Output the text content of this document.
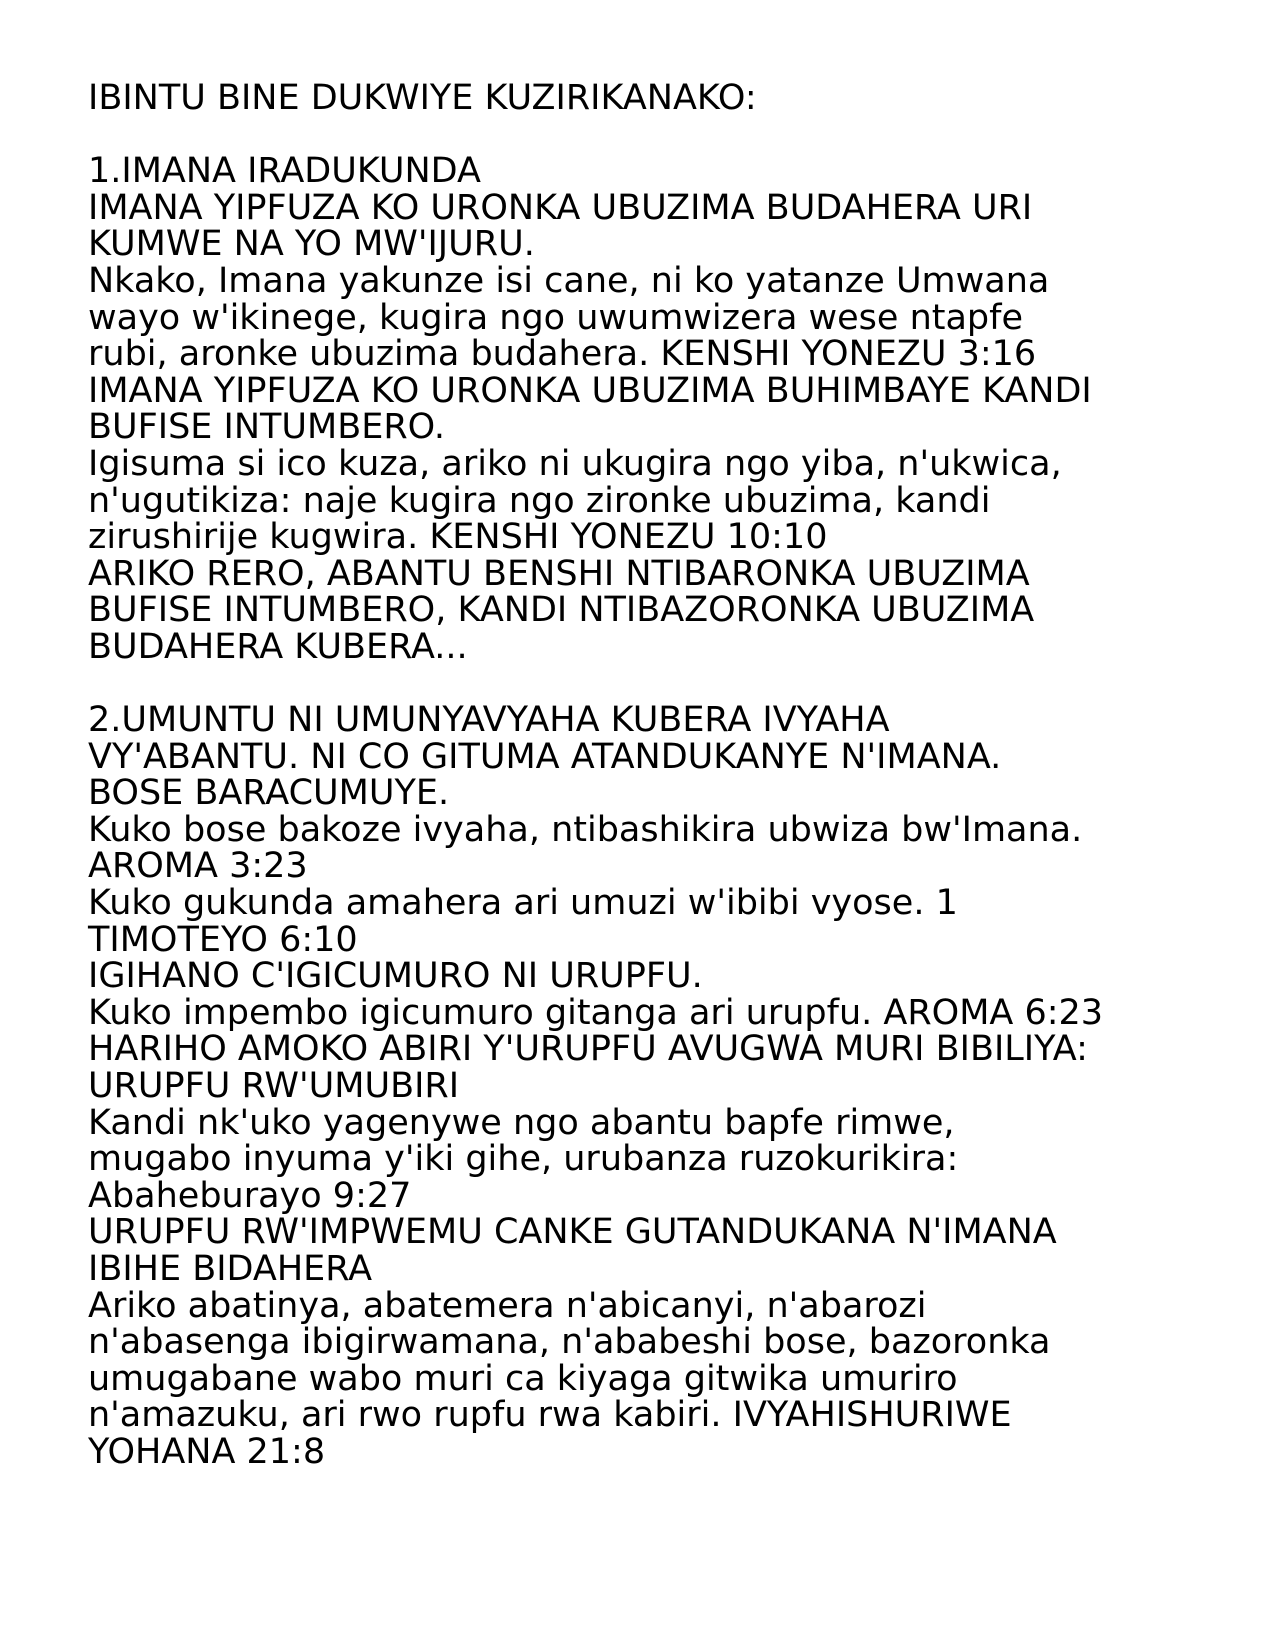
IBINTU BINE DUKWIYE KUZIRIKANAKO:
1.IMANA IRADUKUNDA
IMANA YIPFUZA KO URONKA UBUZIMA BUDAHERA URI
KUMWE NA YO MW'IJURU.
Nkako, Imana yakunze isi cane, ni ko yatanze Umwana
wayo w'ikinege, kugira ngo uwumwizera wese ntapfe
rubi, aronke ubuzima budahera. KENSHI YONEZU 3:16
IMANA YIPFUZA KO URONKA UBUZIMA BUHIMBAYE KANDI
BUFISE INTUMBERO.
Igisuma si ico kuza, ariko ni ukugira ngo yiba, n'ukwica,
n'ugutikiza: naje kugira ngo zironke ubuzima, kandi
zirushirije kugwira. KENSHI YONEZU 10:10
ARIKO RERO, ABANTU BENSHI NTIBARONKA UBUZIMA
BUFISE INTUMBERO, KANDI NTIBAZORONKA UBUZIMA
BUDAHERA KUBERA...
2.UMUNTU NI UMUNYAVYAHA KUBERA IVYAHA
VY'ABANTU. NI CO GITUMA ATANDUKANYE N'IMANA.
BOSE BARACUMUYE.
Kuko bose bakoze ivyaha, ntibashikira ubwiza bw'Imana.
AROMA 3:23
Kuko gukunda amahera ari umuzi w'ibibi vyose. 1
TIMOTEYO 6:10
IGIHANO C'IGICUMURO NI URUPFU.
Kuko impembo igicumuro gitanga ari urupfu. AROMA 6:23
HARIHO AMOKO ABIRI Y'URUPFU AVUGWA MURI BIBILIYA:
URUPFU RW'UMUBIRI
Kandi nk'uko yagenywe ngo abantu bapfe rimwe,
mugabo inyuma y'iki gihe, urubanza ruzokurikira:
Abaheburayo 9:27
URUPFU RW'IMPWEMU CANKE GUTANDUKANA N'IMANA
IBIHE BIDAHERA
Ariko abatinya, abatemera n'abicanyi, n'abarozi
n'abasenga ibigirwamana, n'ababeshi bose, bazoronka
umugabane wabo muri ca kiyaga gitwika umuriro
n'amazuku, ari rwo rupfu rwa kabiri. IVYAHISHURIWE
YOHANA 21:8
